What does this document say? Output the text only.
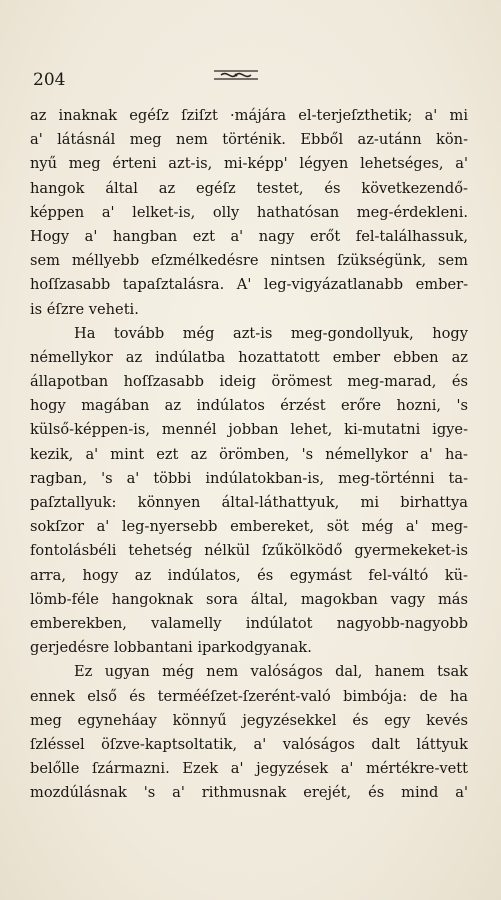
204

az inaknak egéſz ſziſzt ·májára el-terjeſzthetik; a' mi

a' látásnál meg nem történik. Ebből az-utánn kön-

nyű meg érteni azt-is, mi-képp' légyen lehetséges, a'

hangok által az egéſz testet, és következendő-

képpen a' lelket-is, olly hathatósan meg-érdekleni.

Hogy a' hangban ezt a' nagy erőt fel-találhassuk,

sem méllyebb eſzmélkedésre nintsen ſzükségünk, sem

hoſſzasabb tapaſztalásra. A' leg-vigyázatlanabb ember-

is éſzre veheti.

Ha tovább még azt-is meg-gondollyuk, hogy

némellykor az indúlatba hozattatott ember ebben az

állapotban hoſſzasabb ideig örömest meg-marad, és

hogy magában az indúlatos érzést erőre hozni, 's

külső-képpen-is, mennél jobban lehet, ki-mutatni igye-

kezik, a' mint ezt az örömben, 's némellykor a' ha-

ragban, 's a' többi indúlatokban-is, meg-történni ta-

paſztallyuk: könnyen által-láthattyuk, mi birhattya

sokſzor a' leg-nyersebb embereket, söt még a' meg-

fontolásbéli tehetség nélkül ſzűkölködő gyermekeket-is

arra, hogy az indúlatos, és egymást fel-váltó kü-

lömb-féle hangoknak sora által, magokban vagy más

emberekben, valamelly indúlatot nagyobb-nagyobb

gerjedésre lobbantani iparkodgyanak.

Ez ugyan még nem valóságos dal, hanem tsak

ennek első és termééſzet-ſzerént-való bimbója: de ha

meg egyneháay könnyű jegyzésekkel és egy kevés

ſzléssel öſzve-kaptsoltatik, a' valóságos dalt láttyuk

belőlle ſzármazni. Ezek a' jegyzések a' mértékre-vett

mozdúlásnak 's a' rithmusnak erejét, és mind a'
